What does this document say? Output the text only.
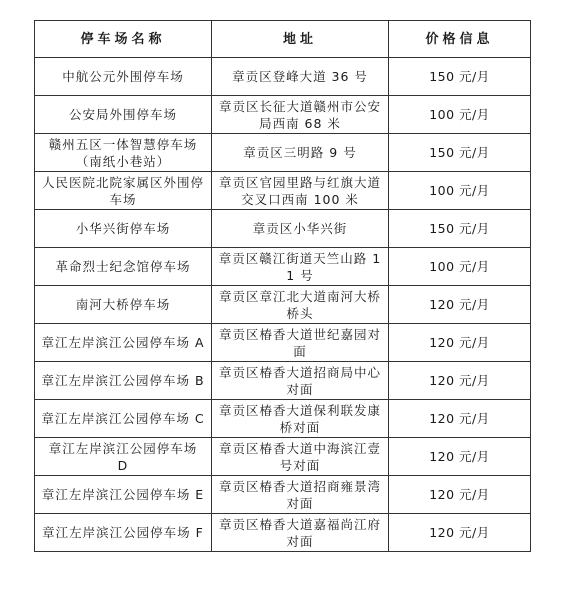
停车场名称	地址	价格信息
中航公元外围停车场	章贡区登峰大道 36 号	150 元/月
公安局外围停车场	章贡区长征大道赣州市公安局西南 68 米	100 元/月
赣州五区一体智慧停车场（南纸小巷站）	章贡区三明路 9 号	150 元/月
人民医院北院家属区外围停车场	章贡区官园里路与红旗大道交叉口西南 100 米	100 元/月
小华兴街停车场	章贡区小华兴街	150 元/月
革命烈士纪念馆停车场	章贡区赣江街道天竺山路 11 号	100 元/月
南河大桥停车场	章贡区章江北大道南河大桥桥头	120 元/月
章江左岸滨江公园停车场 A	章贡区椿香大道世纪嘉园对面	120 元/月
章江左岸滨江公园停车场 B	章贡区椿香大道招商局中心对面	120 元/月
章江左岸滨江公园停车场 C	章贡区椿香大道保利联发康桥对面	120 元/月
章江左岸滨江公园停车场 D	章贡区椿香大道中海滨江壹号对面	120 元/月
章江左岸滨江公园停车场 E	章贡区椿香大道招商雍景湾对面	120 元/月
章江左岸滨江公园停车场 F	章贡区椿香大道嘉福尚江府对面	120 元/月
